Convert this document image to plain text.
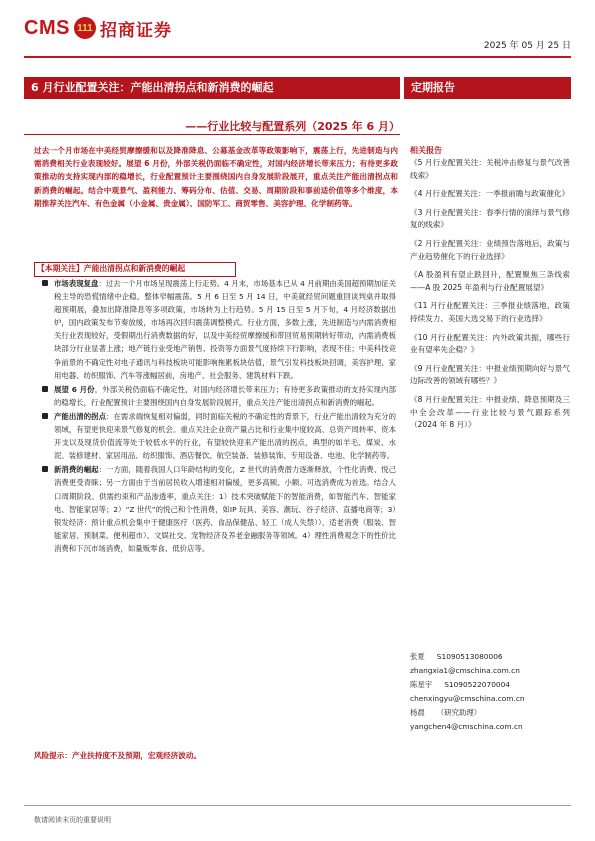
CMS 111 招商证券
2025 年 05 月 25 日
6 月行业配置关注：产能出清拐点和新消费的崛起	定期报告
——行业比较与配置系列（2025 年 6 月）
过去一个月市场在中美经贸摩擦缓和以及降准降息、公募基金改革等政策影响下，震荡上行，先进制造与内需消费相关行业表现较好。展望 6 月份，外部关税仍面临不确定性，对国内经济增长带来压力；有待更多政策推动的支持实现内部的稳增长，行业配置预计主要围绕国内自身发展阶段展开，重点关注产能出清拐点和新消费的崛起。结合中观景气、盈利能力、筹码分布、估值、交易、周期阶段和事前适价值等多个维度，本期推荐关注汽车、有色金属（小金属、贵金属）、国防军工、商贸零售、美容护理、化学制药等。
【本期关注】产能出清拐点和新消费的崛起
市场表现复盘：过去一个月市场呈现震荡上行走势。4 月末，市场基本已从 4 月前期由美国超预期加征关税主导的恐慌情绪中企稳，整体窄幅震荡。5 月 6 日至 5 月 14 日，中美就经贸问题重回谈判桌并取得超预期展，叠加出降准降息等多项政策，市场转为上行趋势。5 月 15 日至 5 月下旬，4 月经济数据出炉，国内政策发布节奏放缓，市场再次回归震荡调整模式。行业方面，多数上涨，先进制造与内需消费相关行业表现较好，受假期出行消费数据的好，以及中美经贸摩擦缓和带回贸易预期转好带动，内需消费板块部分行业显著上涨；地产链行业受地产销售、投资等方面景气度持续下行影响，表现不佳；中美科技竞争前景的不确定性对电子通讯与科技板块可能影响拖累板块估值，景气引发科技板块回调，美容护理、家用电器、纺织服饰、汽车等涨幅居前，房地产、社会服务、建筑材料下跌。
展望 6 月份，外部关税仍面临不确定性，对国内经济增长带来压力；有待更多政策推动的支持实现内部的稳增长，行业配置预计主要围绕国内自身发展阶段展开，重点关注产能出清拐点和新消费的崛起。
产能出清的拐点：在需求端恢复相对偏弱，同时面临关税的不确定性的背景下，行业产能出清较为充分的领域，有望更快迎来景气修复的机会。重点关注企业资产量占比和行业集中度较高、总资产周转率、资本开支以及现货价值流等处于较低水平的行业，有望较快迎来产能出清的拐点，典型的如羊毛、煤炭、水泥、装修建材、家居用品、纺织服饰、酒店餐饮、航空装备、装修装饰、专用设备、电池、化学制药等。
新消费的崛起：一方面，随着我国人口年龄结构的变化，Z 世代的消费潜力逐渐释放，个性化消费、悦己消费更受青睐；另一方面由于当前居民收入增速相对偏缓，更多高频、小额、可选消费成为首选。结合人口周期阶段、供需约束和产品渗透率，重点关注：1）技术突破赋能下的智能消费，如智能汽车、智能家电、智能家居等；2）“Z 世代”的悦己和个性消费，如IP 玩具、美容、潮玩、谷子经济、直播电商等；3）银发经济：预计重点机会集中于健康医疗（医药、食品保健品、轻工（成人失禁））、适老消费（服装、智能家居、预制菜、便利超市）、文娱社交、宠物经济及养老金融服务等领域。4）理性消费观念下的性价比消费和下沉市场消费，如量贩零食、低价店等。
风险提示：产业扶持度不及预期，宏观经济波动。
敬请阅读末页的重要说明
相关报告
《5 月行业配置关注：关税冲击修复与景气改善线索》
《4 月行业配置关注：一季报前瞻与政策催化》
《3 月行业配置关注：春季行情的演绎与景气修复的线索》
《2 月行业配置关注：业绩预告落地后，政策与产业趋势催化下的行业选择》
《A 股盈利有望止跌回升，配置聚焦三条线索——A 股 2025 年盈利与行业配置展望》
《11 月行业配置关注：三季报业绩落地、政策持续发力、美国大选交易下的行业选择》
《10 月行业配置关注：内外政策共振，哪些行业有望率先企稳？》
《9 月行业配置关注：中报业绩预期向好与景气边际改善的领域有哪些？》
《8 月行业配置关注：中报业绩、降息预期及三中全会改革——行业比较与景气跟踪系列（2024 年 8 月）》
张夏 S1090513080006
zhangxia1@cmschina.com.cn
陈星宇 S1090522070004
chenxingyu@cmschina.com.cn
杨晨 （研究助理）
yangchen4@cmschina.com.cn
